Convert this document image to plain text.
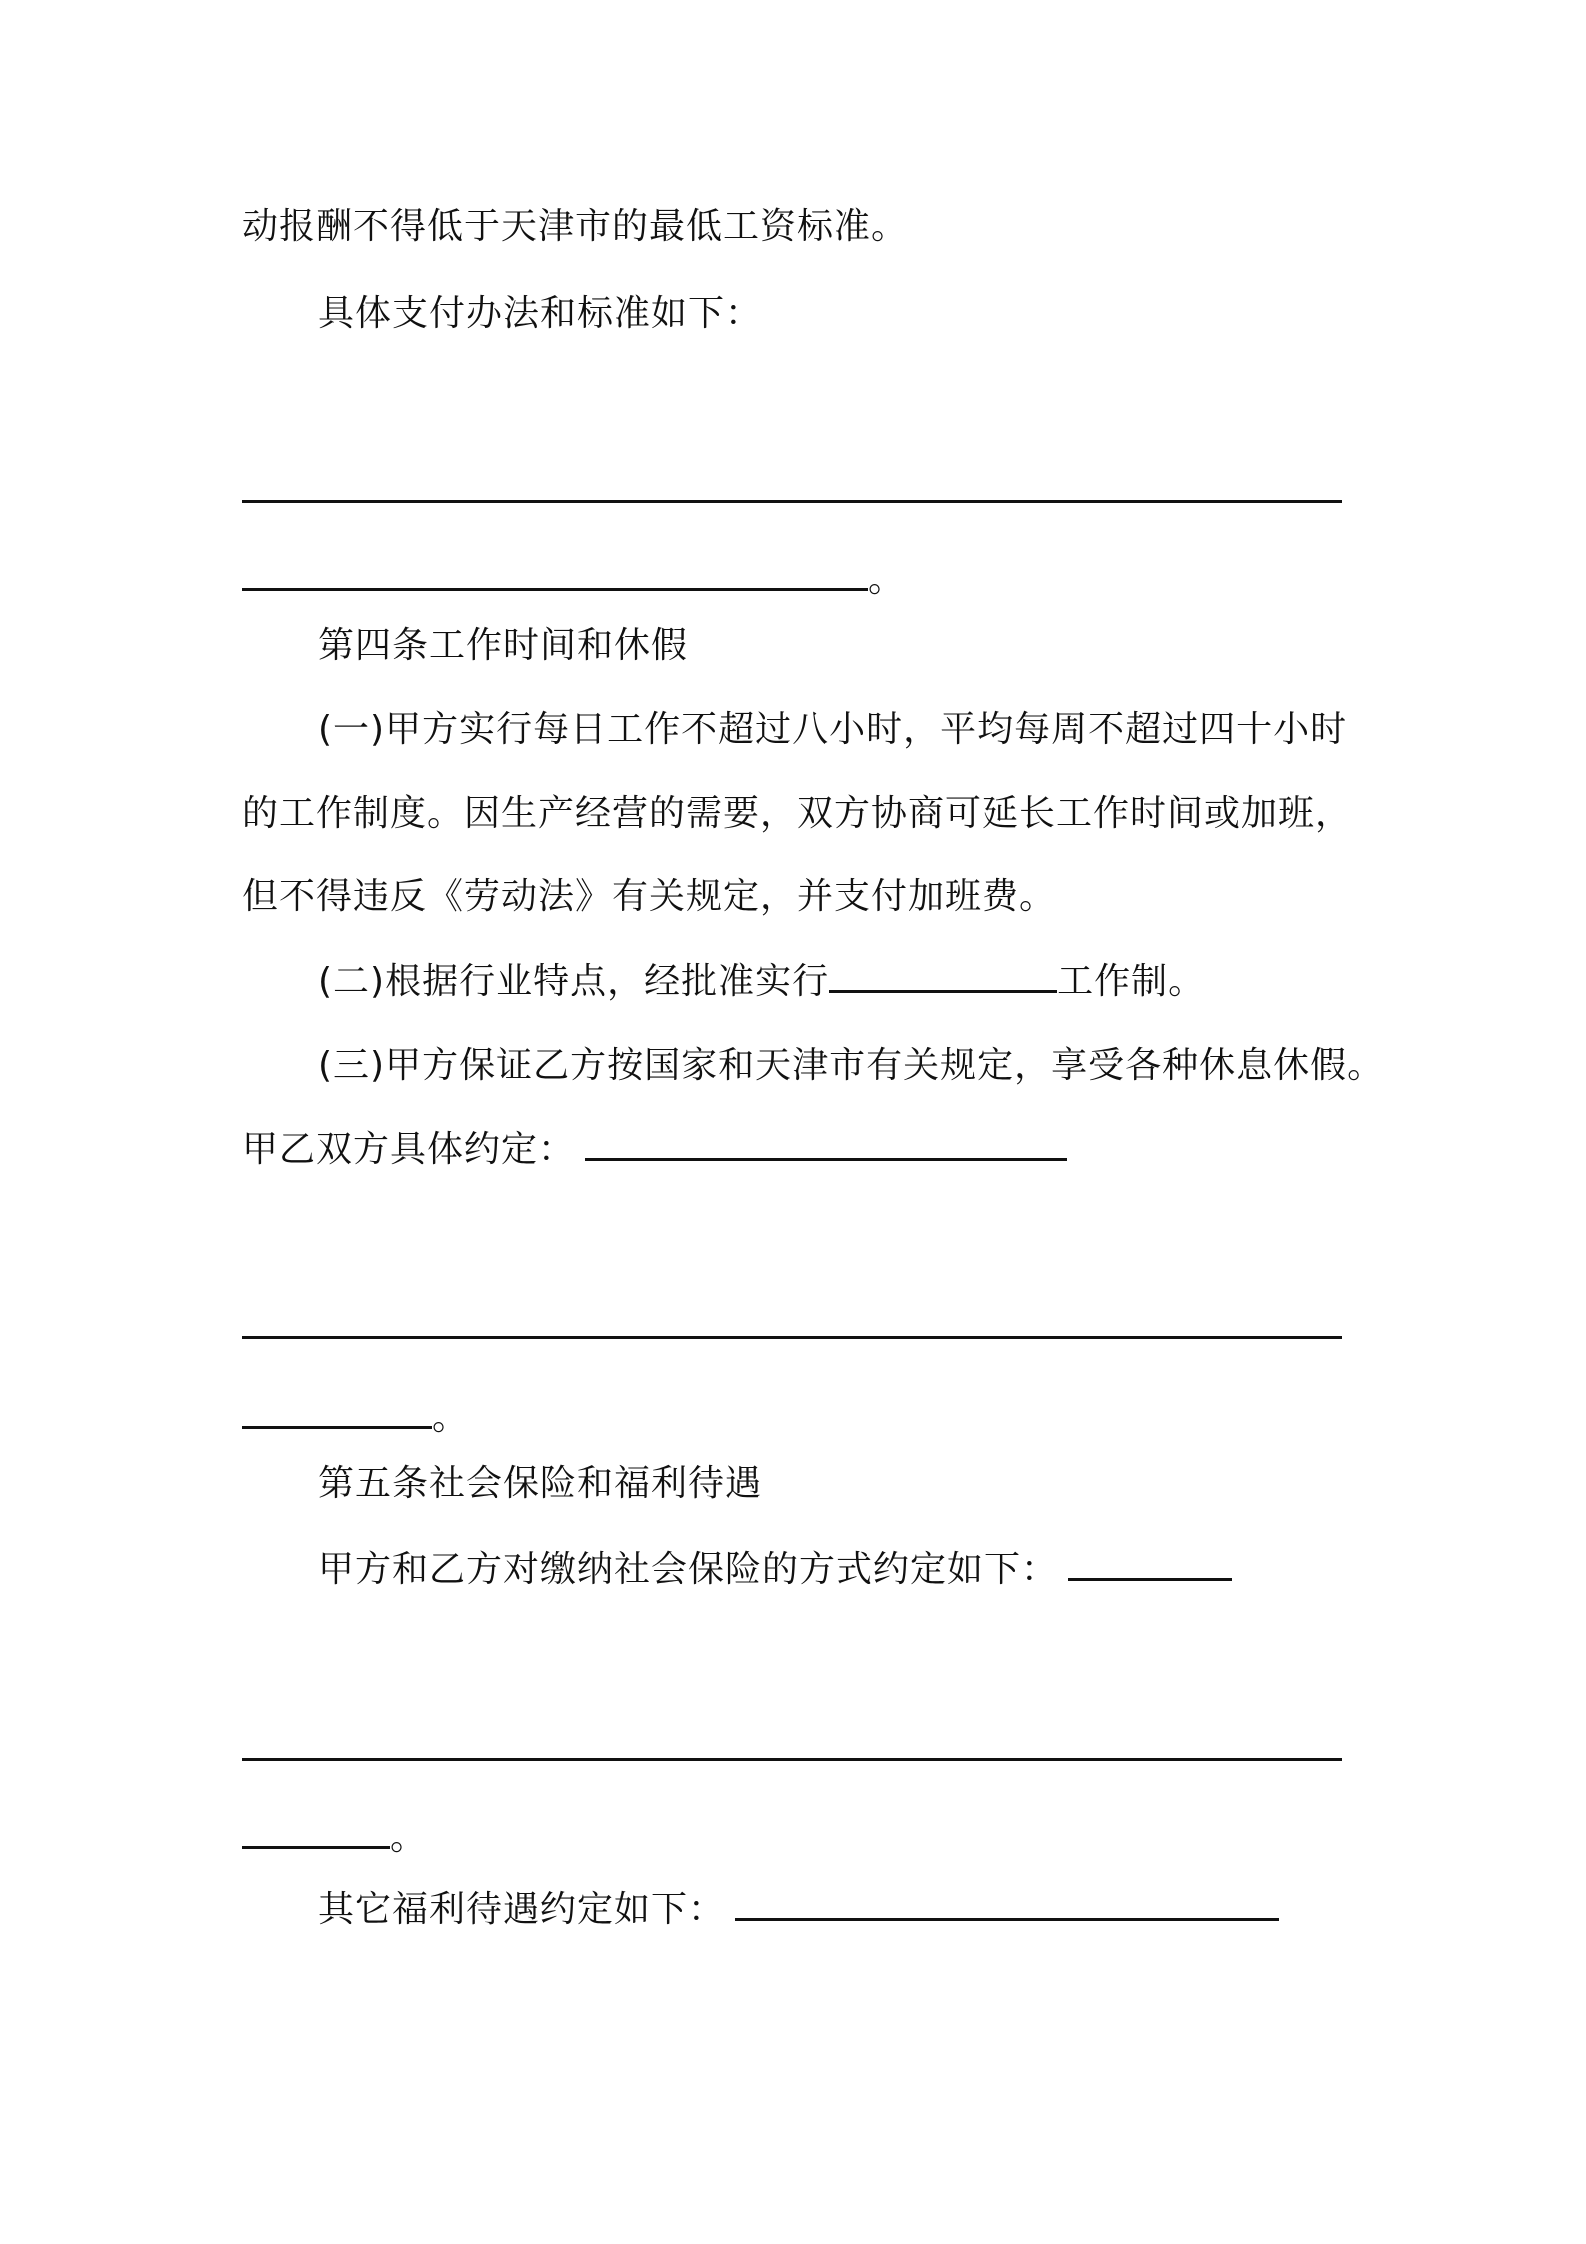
动报酬不得低于天津市的最低工资标准。
具体支付办法和标准如下：
。
第四条工作时间和休假
(一)甲方实行每日工作不超过八小时，平均每周不超过四十小时
的工作制度。因生产经营的需要，双方协商可延长工作时间或加班，
但不得违反《劳动法》有关规定，并支付加班费。
(二)根据行业特点，经批准实行	工作制。
(三)甲方保证乙方按国家和天津市有关规定，享受各种休息休假。
甲乙双方具体约定：
。
第五条社会保险和福利待遇
甲方和乙方对缴纳社会保险的方式约定如下：
。
其它福利待遇约定如下：
